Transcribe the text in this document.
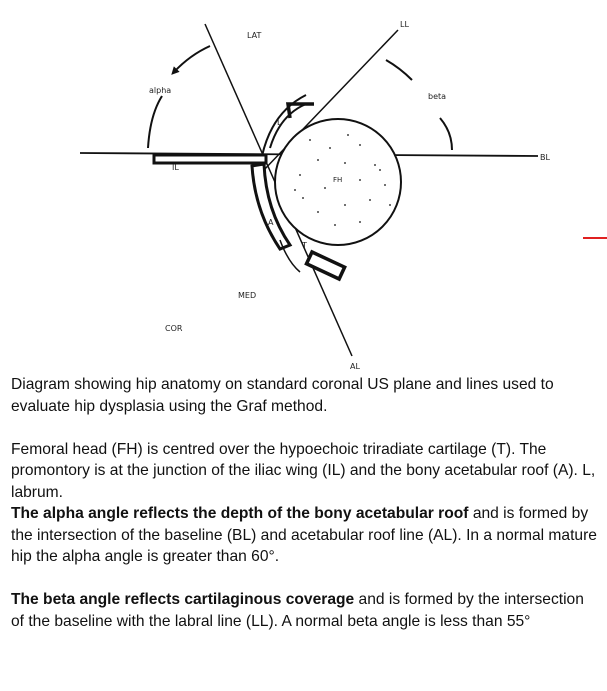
LAT
LL
alpha
beta
BL
IL
L
FH
A
T
MED
COR
AL

Diagram showing hip anatomy on standard coronal US plane and lines used to evaluate hip dysplasia using the Graf method.

Femoral head (FH) is centred over the hypoechoic triradiate cartilage (T). The promontory is at the junction of the iliac wing (IL) and the bony acetabular roof (A). L, labrum.

The alpha angle reflects the depth of the bony acetabular roof and is formed by the intersection of the baseline (BL) and acetabular roof line (AL). In a normal mature hip the alpha angle is greater than 60°.

The beta angle reflects cartilaginous coverage and is formed by the intersection of the baseline with the labral line (LL). A normal beta angle is less than 55°
